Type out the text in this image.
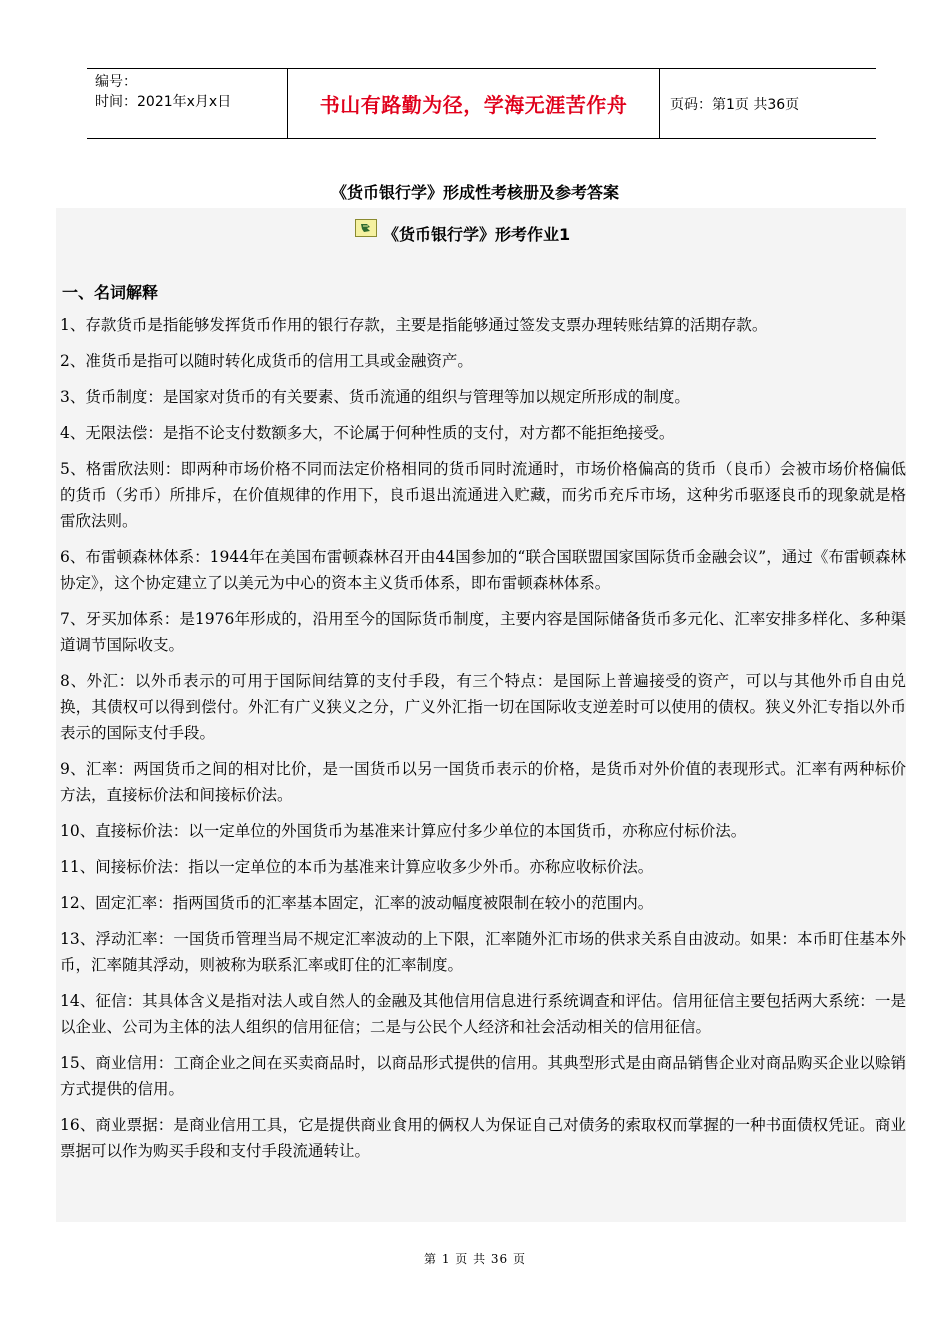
编号：
时间：2021年x月x日	书山有路勤为径，学海无涯苦作舟	页码：第1页 共36页
《货币银行学》形成性考核册及参考答案
《货币银行学》形考作业1
一、名词解释

1、存款货币是指能够发挥货币作用的银行存款，主要是指能够通过签发支票办理转账结算的活期存款。

2、准货币是指可以随时转化成货币的信用工具或金融资产。

3、货币制度：是国家对货币的有关要素、货币流通的组织与管理等加以规定所形成的制度。

4、无限法偿：是指不论支付数额多大，不论属于何种性质的支付，对方都不能拒绝接受。

5、格雷欣法则：即两种市场价格不同而法定价格相同的货币同时流通时，市场价格偏高的货币（良币）会被市场价格偏低的货币（劣币）所排斥，在价值规律的作用下，良币退出流通进入贮藏，而劣币充斥市场，这种劣币驱逐良币的现象就是格雷欣法则。

6、布雷顿森林体系：1944年在美国布雷顿森林召开由44国参加的“联合国联盟国家国际货币金融会议”，通过《布雷顿森林协定》，这个协定建立了以美元为中心的资本主义货币体系，即布雷顿森林体系。

7、牙买加体系：是1976年形成的，沿用至今的国际货币制度，主要内容是国际储备货币多元化、汇率安排多样化、多种渠道调节国际收支。

8、外汇：以外币表示的可用于国际间结算的支付手段，有三个特点：是国际上普遍接受的资产，可以与其他外币自由兑换，其债权可以得到偿付。外汇有广义狭义之分，广义外汇指一切在国际收支逆差时可以使用的债权。狭义外汇专指以外币表示的国际支付手段。

9、汇率：两国货币之间的相对比价，是一国货币以另一国货币表示的价格，是货币对外价值的表现形式。汇率有两种标价方法，直接标价法和间接标价法。

10、直接标价法：以一定单位的外国货币为基准来计算应付多少单位的本国货币，亦称应付标价法。

11、间接标价法：指以一定单位的本币为基准来计算应收多少外币。亦称应收标价法。

12、固定汇率：指两国货币的汇率基本固定，汇率的波动幅度被限制在较小的范围内。

13、浮动汇率：一国货币管理当局不规定汇率波动的上下限，汇率随外汇市场的供求关系自由波动。如果：本币盯住基本外币，汇率随其浮动，则被称为联系汇率或盯住的汇率制度。

14、征信：其具体含义是指对法人或自然人的金融及其他信用信息进行系统调查和评估。信用征信主要包括两大系统：一是以企业、公司为主体的法人组织的信用征信；二是与公民个人经济和社会活动相关的信用征信。

15、商业信用：工商企业之间在买卖商品时，以商品形式提供的信用。其典型形式是由商品销售企业对商品购买企业以赊销方式提供的信用。

16、商业票据：是商业信用工具，它是提供商业食用的俩权人为保证自己对债务的索取权而掌握的一种书面债权凭证。商业票据可以作为购买手段和支付手段流通转让。

第 1 页 共 36 页
